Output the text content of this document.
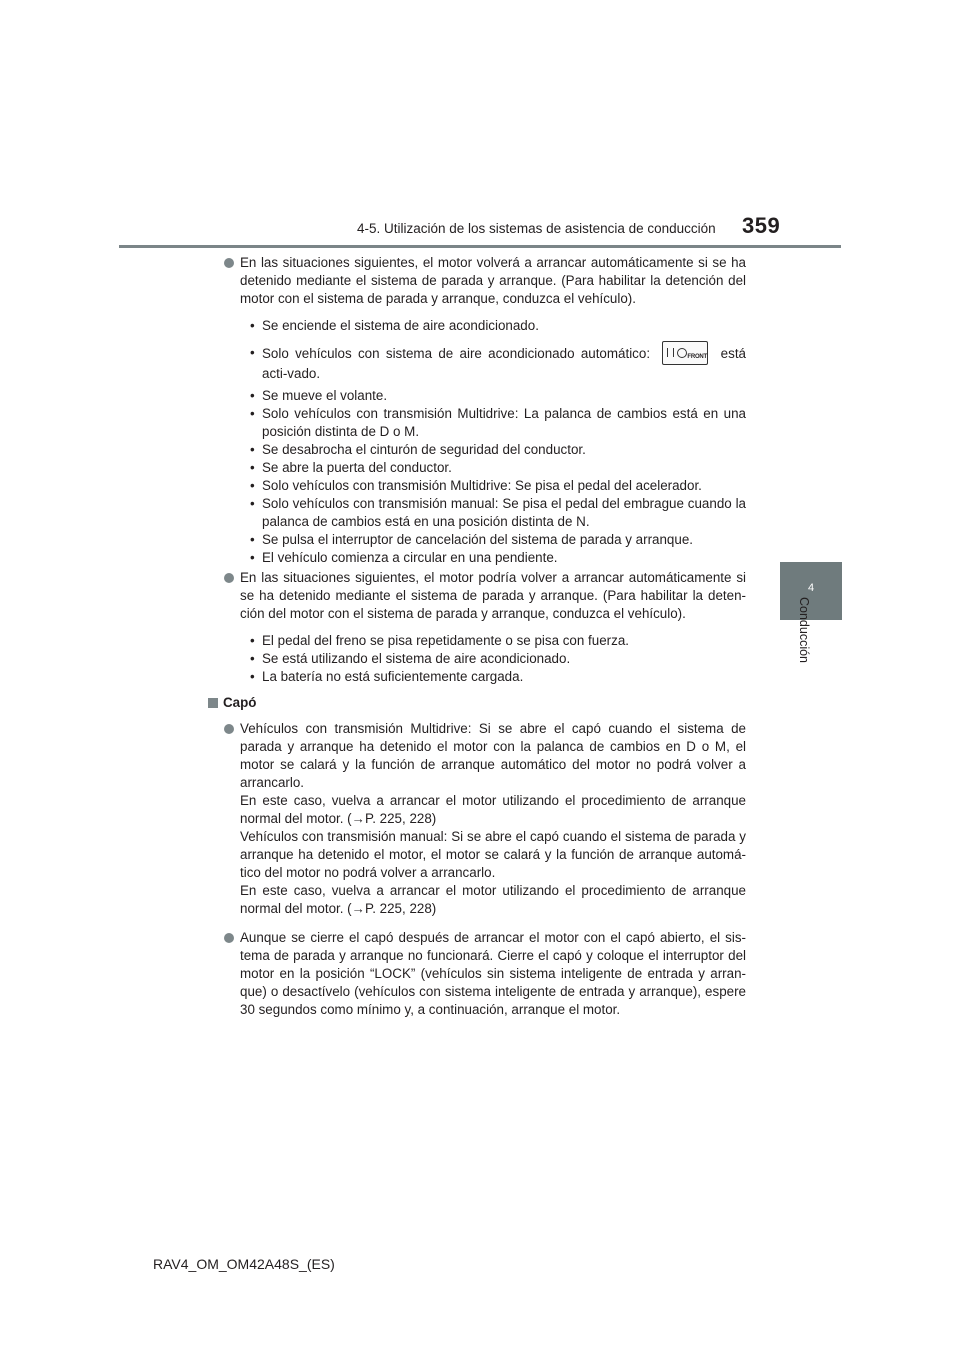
4-5. Utilización de los sistemas de asistencia de conducción 359
4
Conducción
En las situaciones siguientes, el motor volverá a arrancar automáticamente si se ha detenido mediante el sistema de parada y arranque. (Para habilitar la detención del motor con el sistema de parada y arranque, conduzca el vehículo).
• Se enciende el sistema de aire acondicionado.
• Solo vehículos con sistema de aire acondicionado automático:	FRONT está acti-vado.
• Se mueve el volante.
• Solo vehículos con transmisión Multidrive: La palanca de cambios está en una posición distinta de D o M.
• Se desabrocha el cinturón de seguridad del conductor.
• Se abre la puerta del conductor.
• Solo vehículos con transmisión Multidrive: Se pisa el pedal del acelerador.
• Solo vehículos con transmisión manual: Se pisa el pedal del embrague cuando la palanca de cambios está en una posición distinta de N.
• Se pulsa el interruptor de cancelación del sistema de parada y arranque.
• El vehículo comienza a circular en una pendiente.
En las situaciones siguientes, el motor podría volver a arrancar automáticamente si se ha detenido mediante el sistema de parada y arranque. (Para habilitar la deten-ción del motor con el sistema de parada y arranque, conduzca el vehículo).
• El pedal del freno se pisa repetidamente o se pisa con fuerza.
• Se está utilizando el sistema de aire acondicionado.
• La batería no está suficientemente cargada.
Capó
Vehículos con transmisión Multidrive: Si se abre el capó cuando el sistema de parada y arranque ha detenido el motor con la palanca de cambios en D o M, el motor se calará y la función de arranque automático del motor no podrá volver a arrancarlo.
En este caso, vuelva a arrancar el motor utilizando el procedimiento de arranque normal del motor. (→P. 225, 228)
Vehículos con transmisión manual: Si se abre el capó cuando el sistema de parada y arranque ha detenido el motor, el motor se calará y la función de arranque automá-tico del motor no podrá volver a arrancarlo.
En este caso, vuelva a arrancar el motor utilizando el procedimiento de arranque normal del motor. (→P. 225, 228)
Aunque se cierre el capó después de arrancar el motor con el capó abierto, el sis-tema de parada y arranque no funcionará. Cierre el capó y coloque el interruptor del motor en la posición “LOCK” (vehículos sin sistema inteligente de entrada y arran-que) o desactívelo (vehículos con sistema inteligente de entrada y arranque), espere 30 segundos como mínimo y, a continuación, arranque el motor.
RAV4_OM_OM42A48S_(ES)
